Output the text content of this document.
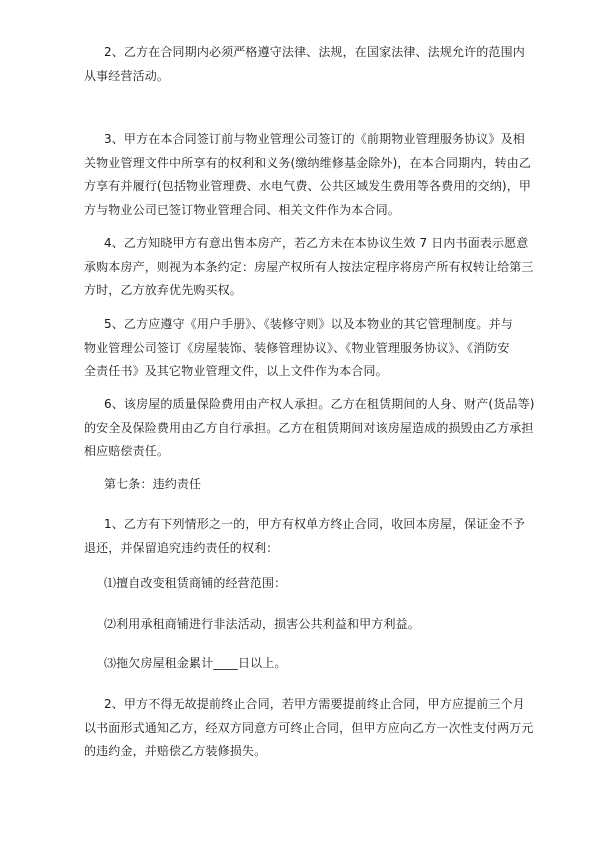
2、乙方在合同期内必须严格遵守法律、法规，在国家法律、法规允许的范围内
从事经营活动。
3、甲方在本合同签订前与物业管理公司签订的《前期物业管理服务协议》及相
关物业管理文件中所享有的权利和义务(缴纳维修基金除外)，在本合同期内，转由乙
方享有并履行(包括物业管理费、水电气费、公共区域发生费用等各费用的交纳)，甲
方与物业公司已签订物业管理合同、相关文件作为本合同。
4、乙方知晓甲方有意出售本房产，若乙方未在本协议生效 7 日内书面表示愿意
承购本房产，则视为本条约定：房屋产权所有人按法定程序将房产所有权转让给第三
方时，乙方放弃优先购买权。
5、乙方应遵守《用户手册》、《装修守则》以及本物业的其它管理制度。并与
物业管理公司签订《房屋装饰、装修管理协议》、《物业管理服务协议》、《消防安
全责任书》及其它物业管理文件，以上文件作为本合同。
6、该房屋的质量保险费用由产权人承担。乙方在租赁期间的人身、财产(货品等)
的安全及保险费用由乙方自行承担。乙方在租赁期间对该房屋造成的损毁由乙方承担
相应赔偿责任。
第七条：违约责任
1、乙方有下列情形之一的，甲方有权单方终止合同，收回本房屋，保证金不予
退还，并保留追究违约责任的权利：
⑴擅自改变租赁商铺的经营范围：
⑵利用承租商铺进行非法活动，损害公共利益和甲方利益。
⑶拖欠房屋租金累计____日以上。
2、甲方不得无故提前终止合同，若甲方需要提前终止合同，甲方应提前三个月
以书面形式通知乙方，经双方同意方可终止合同，但甲方应向乙方一次性支付两万元
的违约金，并赔偿乙方装修损失。
